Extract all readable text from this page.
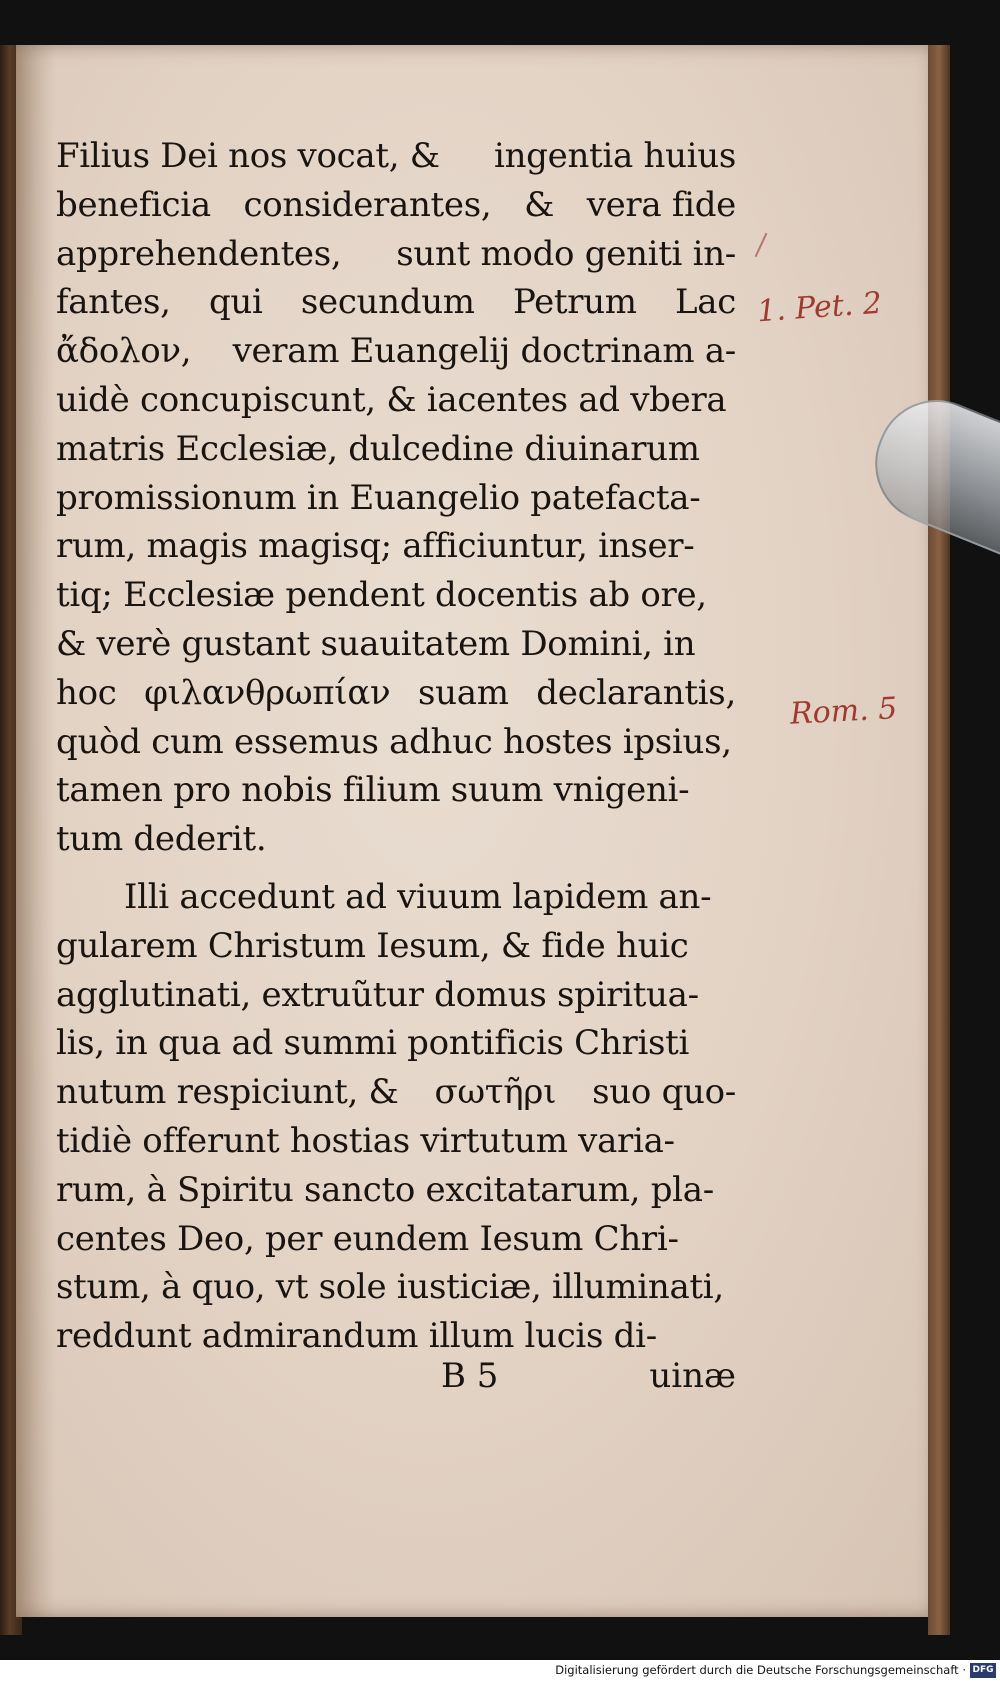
Filius Dei nos vocat, & ingentia huius
beneficia considerantes, & vera fide
apprehendentes, sunt modo geniti in-
fantes, qui secundum Petrum Lac
ἄδολον, veram Euangelij doctrinam a-
uidè concupiscunt, & iacentes ad vbera
matris Ecclesiæ, dulcedine diuinarum
promissionum in Euangelio patefacta-
rum, magis magisq; afficiuntur, inser-
tiq; Ecclesiæ pendent docentis ab ore,
& verè gustant suauitatem Domini, in
hoc φιλανθρωπίαν suam declarantis,
quòd cum essemus adhuc hostes ipsius,
tamen pro nobis filium suum vnigeni-
tum dederit.
Illi accedunt ad viuum lapidem an-
gularem Christum Iesum, & fide huic
agglutinati, extruũtur domus spiritua-
lis, in qua ad summi pontificis Christi
nutum respiciunt, & σωτῆρι suo quo-
tidiè offerunt hostias virtutum varia-
rum, à Spiritu sancto excitatarum, pla-
centes Deo, per eundem Iesum Chri-
stum, à quo, vt sole iusticiæ, illuminati,
reddunt admirandum illum lucis di-
B 5	uinæ
1. Pet. 2
Rom. 5
Digitalisierung gefördert durch die Deutsche Forschungsgemeinschaft · DFG
